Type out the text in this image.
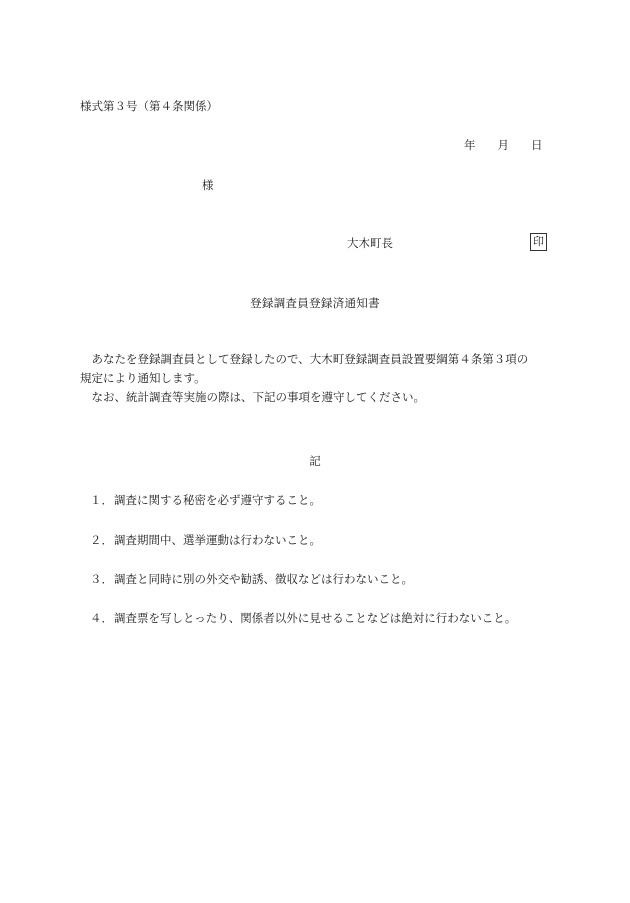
様式第３号（第４条関係）
年 月 日
様
大木町長	印
登録調査員登録済通知書

あなたを登録調査員として登録したので、大木町登録調査員設置要綱第４条第３項の

規定により通知します。

なお、統計調査等実施の際は、下記の事項を遵守してください。

記
１．調査に関する秘密を必ず遵守すること。
２．調査期間中、選挙運動は行わないこと。
３．調査と同時に別の外交や勧誘、徴収などは行わないこと。
４．調査票を写しとったり、関係者以外に見せることなどは絶対に行わないこと。
